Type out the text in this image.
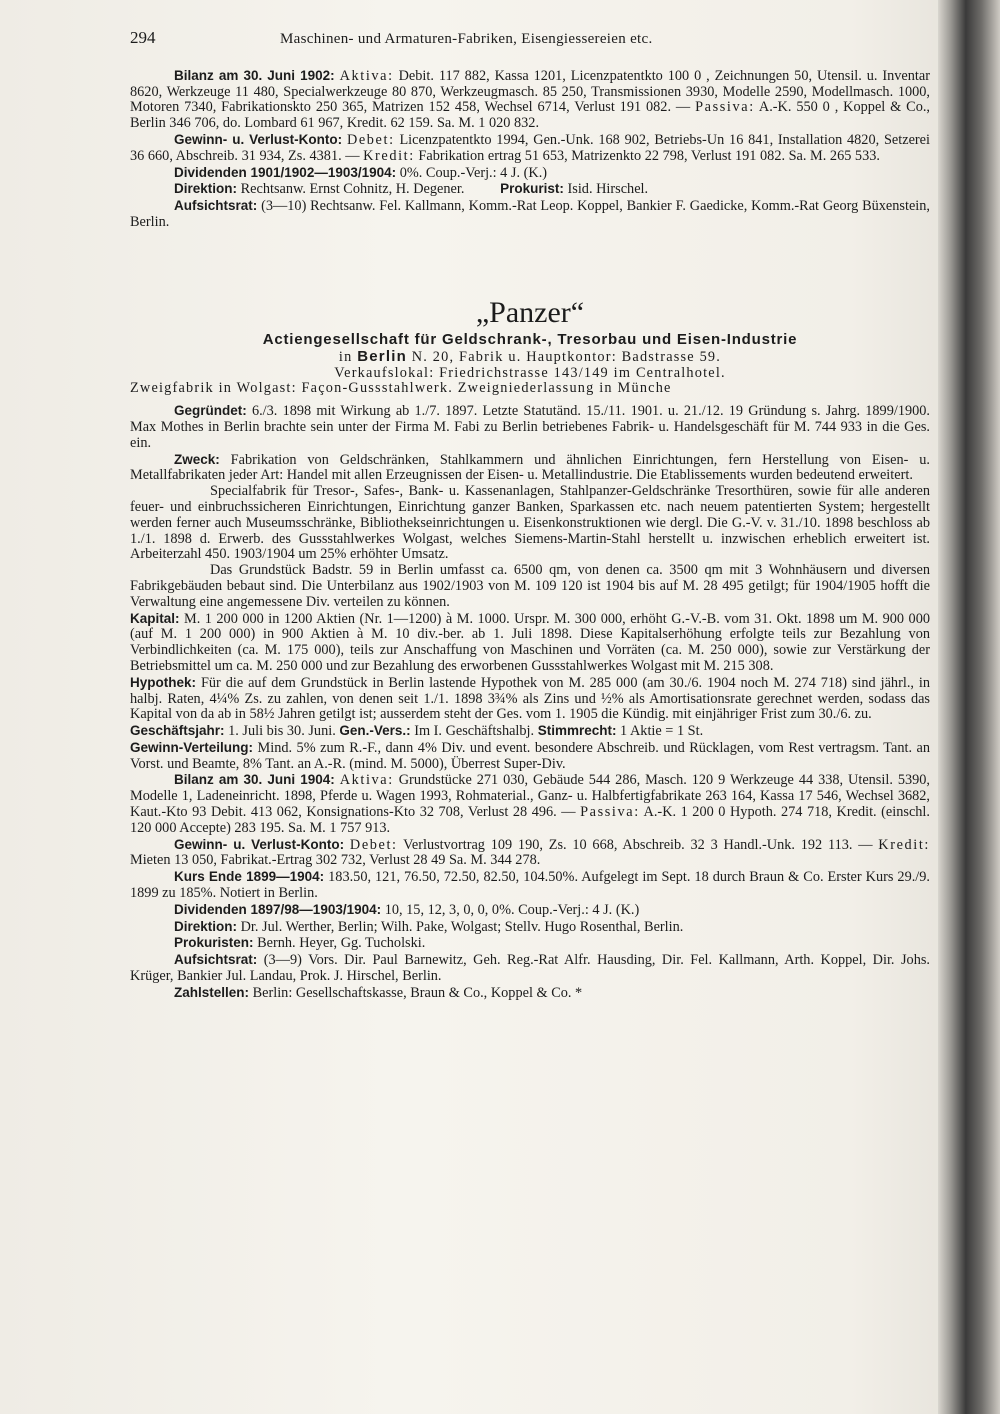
294	Maschinen- und Armaturen-Fabriken, Eisengiessereien etc.

Bilanz am 30. Juni 1902: Aktiva: Debit. 117 882, Kassa 1201, Licenzpatentkto 100 0 , Zeichnungen 50, Utensil. u. Inventar 8620, Werkzeuge 11 480, Specialwerkzeuge 80 870, Werkzeugmasch. 85 250, Transmissionen 3930, Modelle 2590, Modellmasch. 1000, Motoren 7340, Fabrikationskto 250 365, Matrizen 152 458, Wechsel 6714, Verlust 191 082. — Passiva: A.-K. 550 0 , Koppel & Co., Berlin 346 706, do. Lombard 61 967, Kredit. 62 159. Sa. M. 1 020 832.

Gewinn- u. Verlust-Konto: Debet: Licenzpatentkto 1994, Gen.-Unk. 168 902, Betriebs-Un 16 841, Installation 4820, Setzerei 36 660, Abschreib. 31 934, Zs. 4381. — Kredit: Fabrikation ertrag 51 653, Matrizenkto 22 798, Verlust 191 082. Sa. M. 265 533.

Dividenden 1901/1902—1903/1904: 0%. Coup.-Verj.: 4 J. (K.)

Direktion: Rechtsanw. Ernst Cohnitz, H. Degener.	Prokurist: Isid. Hirschel.

Aufsichtsrat: (3—10) Rechtsanw. Fel. Kallmann, Komm.-Rat Leop. Koppel, Bankier F. Gaedicke, Komm.-Rat Georg Büxenstein, Berlin.

„Panzer“
Actiengesellschaft für Geldschrank-, Tresorbau und Eisen-Industrie
in Berlin N. 20, Fabrik u. Hauptkontor: Badstrasse 59.
Verkaufslokal: Friedrichstrasse 143/149 im Centralhotel.
Zweigfabrik in Wolgast: Façon-Gussstahlwerk. Zweigniederlassung in Münche

Gegründet: 6./3. 1898 mit Wirkung ab 1./7. 1897. Letzte Statutänd. 15./11. 1901. u. 21./12. 19 Gründung s. Jahrg. 1899/1900. Max Mothes in Berlin brachte sein unter der Firma M. Fabi zu Berlin betriebenes Fabrik- u. Handelsgeschäft für M. 744 933 in die Ges. ein.

Zweck: Fabrikation von Geldschränken, Stahlkammern und ähnlichen Einrichtungen, fern Herstellung von Eisen- u. Metallfabrikaten jeder Art: Handel mit allen Erzeugnissen der Eisen- u. Metallindustrie. Die Etablissements wurden bedeutend erweitert.

Specialfabrik für Tresor-, Safes-, Bank- u. Kassenanlagen, Stahlpanzer-Geldschränke Tresorthüren, sowie für alle anderen feuer- und einbruchssicheren Einrichtungen, Einrichtung ganzer Banken, Sparkassen etc. nach neuem patentierten System; hergestellt werden ferner auch Museumsschränke, Bibliothekseinrichtungen u. Eisenkonstruktionen wie dergl. Die G.-V. v. 31./10. 1898 beschloss ab 1./1. 1898 d. Erwerb. des Gussstahlwerkes Wolgast, welches Siemens-Martin-Stahl herstellt u. inzwischen erheblich erweitert ist. Arbeiterzahl 450. 1903/1904 um 25% erhöhter Umsatz.

Das Grundstück Badstr. 59 in Berlin umfasst ca. 6500 qm, von denen ca. 3500 qm mit 3 Wohnhäusern und diversen Fabrikgebäuden bebaut sind. Die Unterbilanz aus 1902/1903 von M. 109 120 ist 1904 bis auf M. 28 495 getilgt; für 1904/1905 hofft die Verwaltung eine angemessene Div. verteilen zu können.

Kapital: M. 1 200 000 in 1200 Aktien (Nr. 1—1200) à M. 1000. Urspr. M. 300 000, erhöht G.-V.-B. vom 31. Okt. 1898 um M. 900 000 (auf M. 1 200 000) in 900 Aktien à M. 10 div.-ber. ab 1. Juli 1898. Diese Kapitalserhöhung erfolgte teils zur Bezahlung von Verbindlichkeiten (ca. M. 175 000), teils zur Anschaffung von Maschinen und Vorräten (ca. M. 250 000), sowie zur Verstärkung der Betriebsmittel um ca. M. 250 000 und zur Bezahlung des erworbenen Gussstahlwerkes Wolgast mit M. 215 308.

Hypothek: Für die auf dem Grundstück in Berlin lastende Hypothek von M. 285 000 (am 30./6. 1904 noch M. 274 718) sind jährl., in halbj. Raten, 4¼% Zs. zu zahlen, von denen seit 1./1. 1898 3¾% als Zins und ½% als Amortisationsrate gerechnet werden, sodass das Kapital von da ab in 58½ Jahren getilgt ist; ausserdem steht der Ges. vom 1. 1905 die Kündig. mit einjähriger Frist zum 30./6. zu.

Geschäftsjahr: 1. Juli bis 30. Juni. Gen.-Vers.: Im I. Geschäftshalbj. Stimmrecht: 1 Aktie = 1 St.

Gewinn-Verteilung: Mind. 5% zum R.-F., dann 4% Div. und event. besondere Abschreib. und Rücklagen, vom Rest vertragsm. Tant. an Vorst. und Beamte, 8% Tant. an A.-R. (mind. M. 5000), Überrest Super-Div.

Bilanz am 30. Juni 1904: Aktiva: Grundstücke 271 030, Gebäude 544 286, Masch. 120 9 Werkzeuge 44 338, Utensil. 5390, Modelle 1, Ladeneinricht. 1898, Pferde u. Wagen 1993, Rohmaterial., Ganz- u. Halbfertigfabrikate 263 164, Kassa 17 546, Wechsel 3682, Kaut.-Kto 93 Debit. 413 062, Konsignations-Kto 32 708, Verlust 28 496. — Passiva: A.-K. 1 200 0 Hypoth. 274 718, Kredit. (einschl. 120 000 Accepte) 283 195. Sa. M. 1 757 913.

Gewinn- u. Verlust-Konto: Debet: Verlustvortrag 109 190, Zs. 10 668, Abschreib. 32 3 Handl.-Unk. 192 113. — Kredit: Mieten 13 050, Fabrikat.-Ertrag 302 732, Verlust 28 49 Sa. M. 344 278.

Kurs Ende 1899—1904: 183.50, 121, 76.50, 72.50, 82.50, 104.50%. Aufgelegt im Sept. 18 durch Braun & Co. Erster Kurs 29./9. 1899 zu 185%. Notiert in Berlin.

Dividenden 1897/98—1903/1904: 10, 15, 12, 3, 0, 0, 0%. Coup.-Verj.: 4 J. (K.)

Direktion: Dr. Jul. Werther, Berlin; Wilh. Pake, Wolgast; Stellv. Hugo Rosenthal, Berlin.

Prokuristen: Bernh. Heyer, Gg. Tucholski.

Aufsichtsrat: (3—9) Vors. Dir. Paul Barnewitz, Geh. Reg.-Rat Alfr. Hausding, Dir. Fel. Kallmann, Arth. Koppel, Dir. Johs. Krüger, Bankier Jul. Landau, Prok. J. Hirschel, Berlin.

Zahlstellen: Berlin: Gesellschaftskasse, Braun & Co., Koppel & Co. *
